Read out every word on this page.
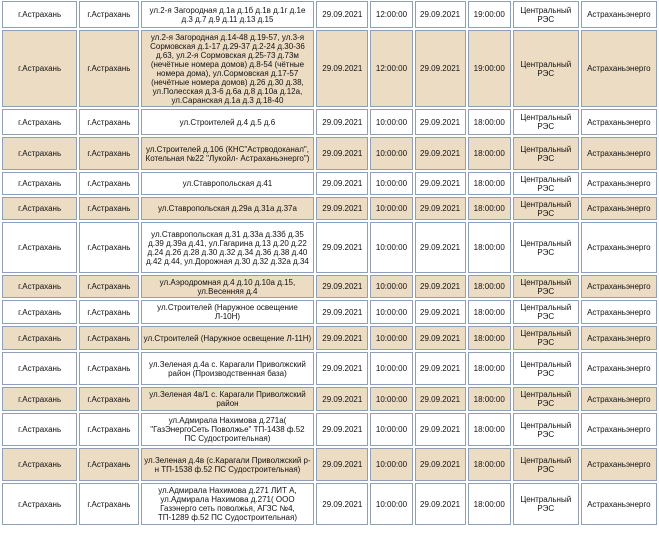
г.Астрахань	г.Астрахань	ул.2-я Загородная д.1а д.1б д.1в д.1г д.1е д.3 д.7 д.9 д.11 д.13 д.15	29.09.2021	12:00:00	29.09.2021	19:00:00	Центральный РЭС	Астраханьэнерго
г.Астрахань	г.Астрахань	ул.2-я Загородная д.14-48 д.19-57, ул.3-я Сормовская д.1-17 д.29-37 д.2-24 д.30-36 д.63, ул.2-я Сормовская д.25-73 д.73м (нечётные номера домов) д.8-54 (чётные номера дома), ул.Сормовская д.17-57 (нечётные номера домов) д.26 д.30 д.38, ул.Полесская д.3-6 д.6а д.8 д.10а д.12а, ул.Саранская д.1а д.3 д.18-40	29.09.2021	12:00:00	29.09.2021	19:00:00	Центральный РЭС	Астраханьэнерго
г.Астрахань	г.Астрахань	ул.Строителей д.4 д.5 д.6	29.09.2021	10:00:00	29.09.2021	18:00:00	Центральный РЭС	Астраханьэнерго
г.Астрахань	г.Астрахань	ул.Строителей д.106 (КНС"Астрводоканал", Котельная №22 "Лукойл- Астраханьэнерго")	29.09.2021	10:00:00	29.09.2021	18:00:00	Центральный РЭС	Астраханьэнерго
г.Астрахань	г.Астрахань	ул.Ставропольская д.41	29.09.2021	10:00:00	29.09.2021	18:00:00	Центральный РЭС	Астраханьэнерго
г.Астрахань	г.Астрахань	ул.Ставропольская д.29а д.31а д.37а	29.09.2021	10:00:00	29.09.2021	18:00:00	Центральный РЭС	Астраханьэнерго
г.Астрахань	г.Астрахань	ул.Ставропольская д.31 д.33а д.33б д.35 д.39 д.39а д.41, ул.Гагарина д.13 д.20 д.22 д.24 д.26 д.28 д.30 д.32 д.34 д.36 д.38 д.40 д.42 д.44, ул.Дорожная д.30 д.32 д.32а д.34	29.09.2021	10:00:00	29.09.2021	18:00:00	Центральный РЭС	Астраханьэнерго
г.Астрахань	г.Астрахань	ул.Аэродромная д.4 д.10 д.10а д.15, ул.Весенняя д.4	29.09.2021	10:00:00	29.09.2021	18:00:00	Центральный РЭС	Астраханьэнерго
г.Астрахань	г.Астрахань	ул.Строителей (Наружное освещение Л-10Н)	29.09.2021	10:00:00	29.09.2021	18:00:00	Центральный РЭС	Астраханьэнерго
г.Астрахань	г.Астрахань	ул.Строителей (Наружное освещение Л-11Н)	29.09.2021	10:00:00	29.09.2021	18:00:00	Центральный РЭС	Астраханьэнерго
г.Астрахань	г.Астрахань	ул.Зеленая д.4а с. Карагали Приволжский район (Производственная база)	29.09.2021	10:00:00	29.09.2021	18:00:00	Центральный РЭС	Астраханьэнерго
г.Астрахань	г.Астрахань	ул.Зеленая 4в/1 с. Карагали Приволжский район	29.09.2021	10:00:00	29.09.2021	18:00:00	Центральный РЭС	Астраханьэнерго
г.Астрахань	г.Астрахань	ул.Адмирала Нахимова д.271а( "ГазЭнергоСеть Поволжье" ТП-1438 ф.52 ПС Судостроительная)	29.09.2021	10:00:00	29.09.2021	18:00:00	Центральный РЭС	Астраханьэнерго
г.Астрахань	г.Астрахань	ул.Зеленая д.4в (с.Карагали Приволжский р-н ТП-1538 ф.52 ПС Судостроительная)	29.09.2021	10:00:00	29.09.2021	18:00:00	Центральный РЭС	Астраханьэнерго
г.Астрахань	г.Астрахань	ул.Адмирала Нахимова д.271 ЛИТ А, ул.Адмирала Нахимова д.271( ООО Газэнерго сеть поволжья, АГЗС №4, ТП-1289 ф.52 ПС Судостроительная)	29.09.2021	10:00:00	29.09.2021	18:00:00	Центральный РЭС	Астраханьэнерго
